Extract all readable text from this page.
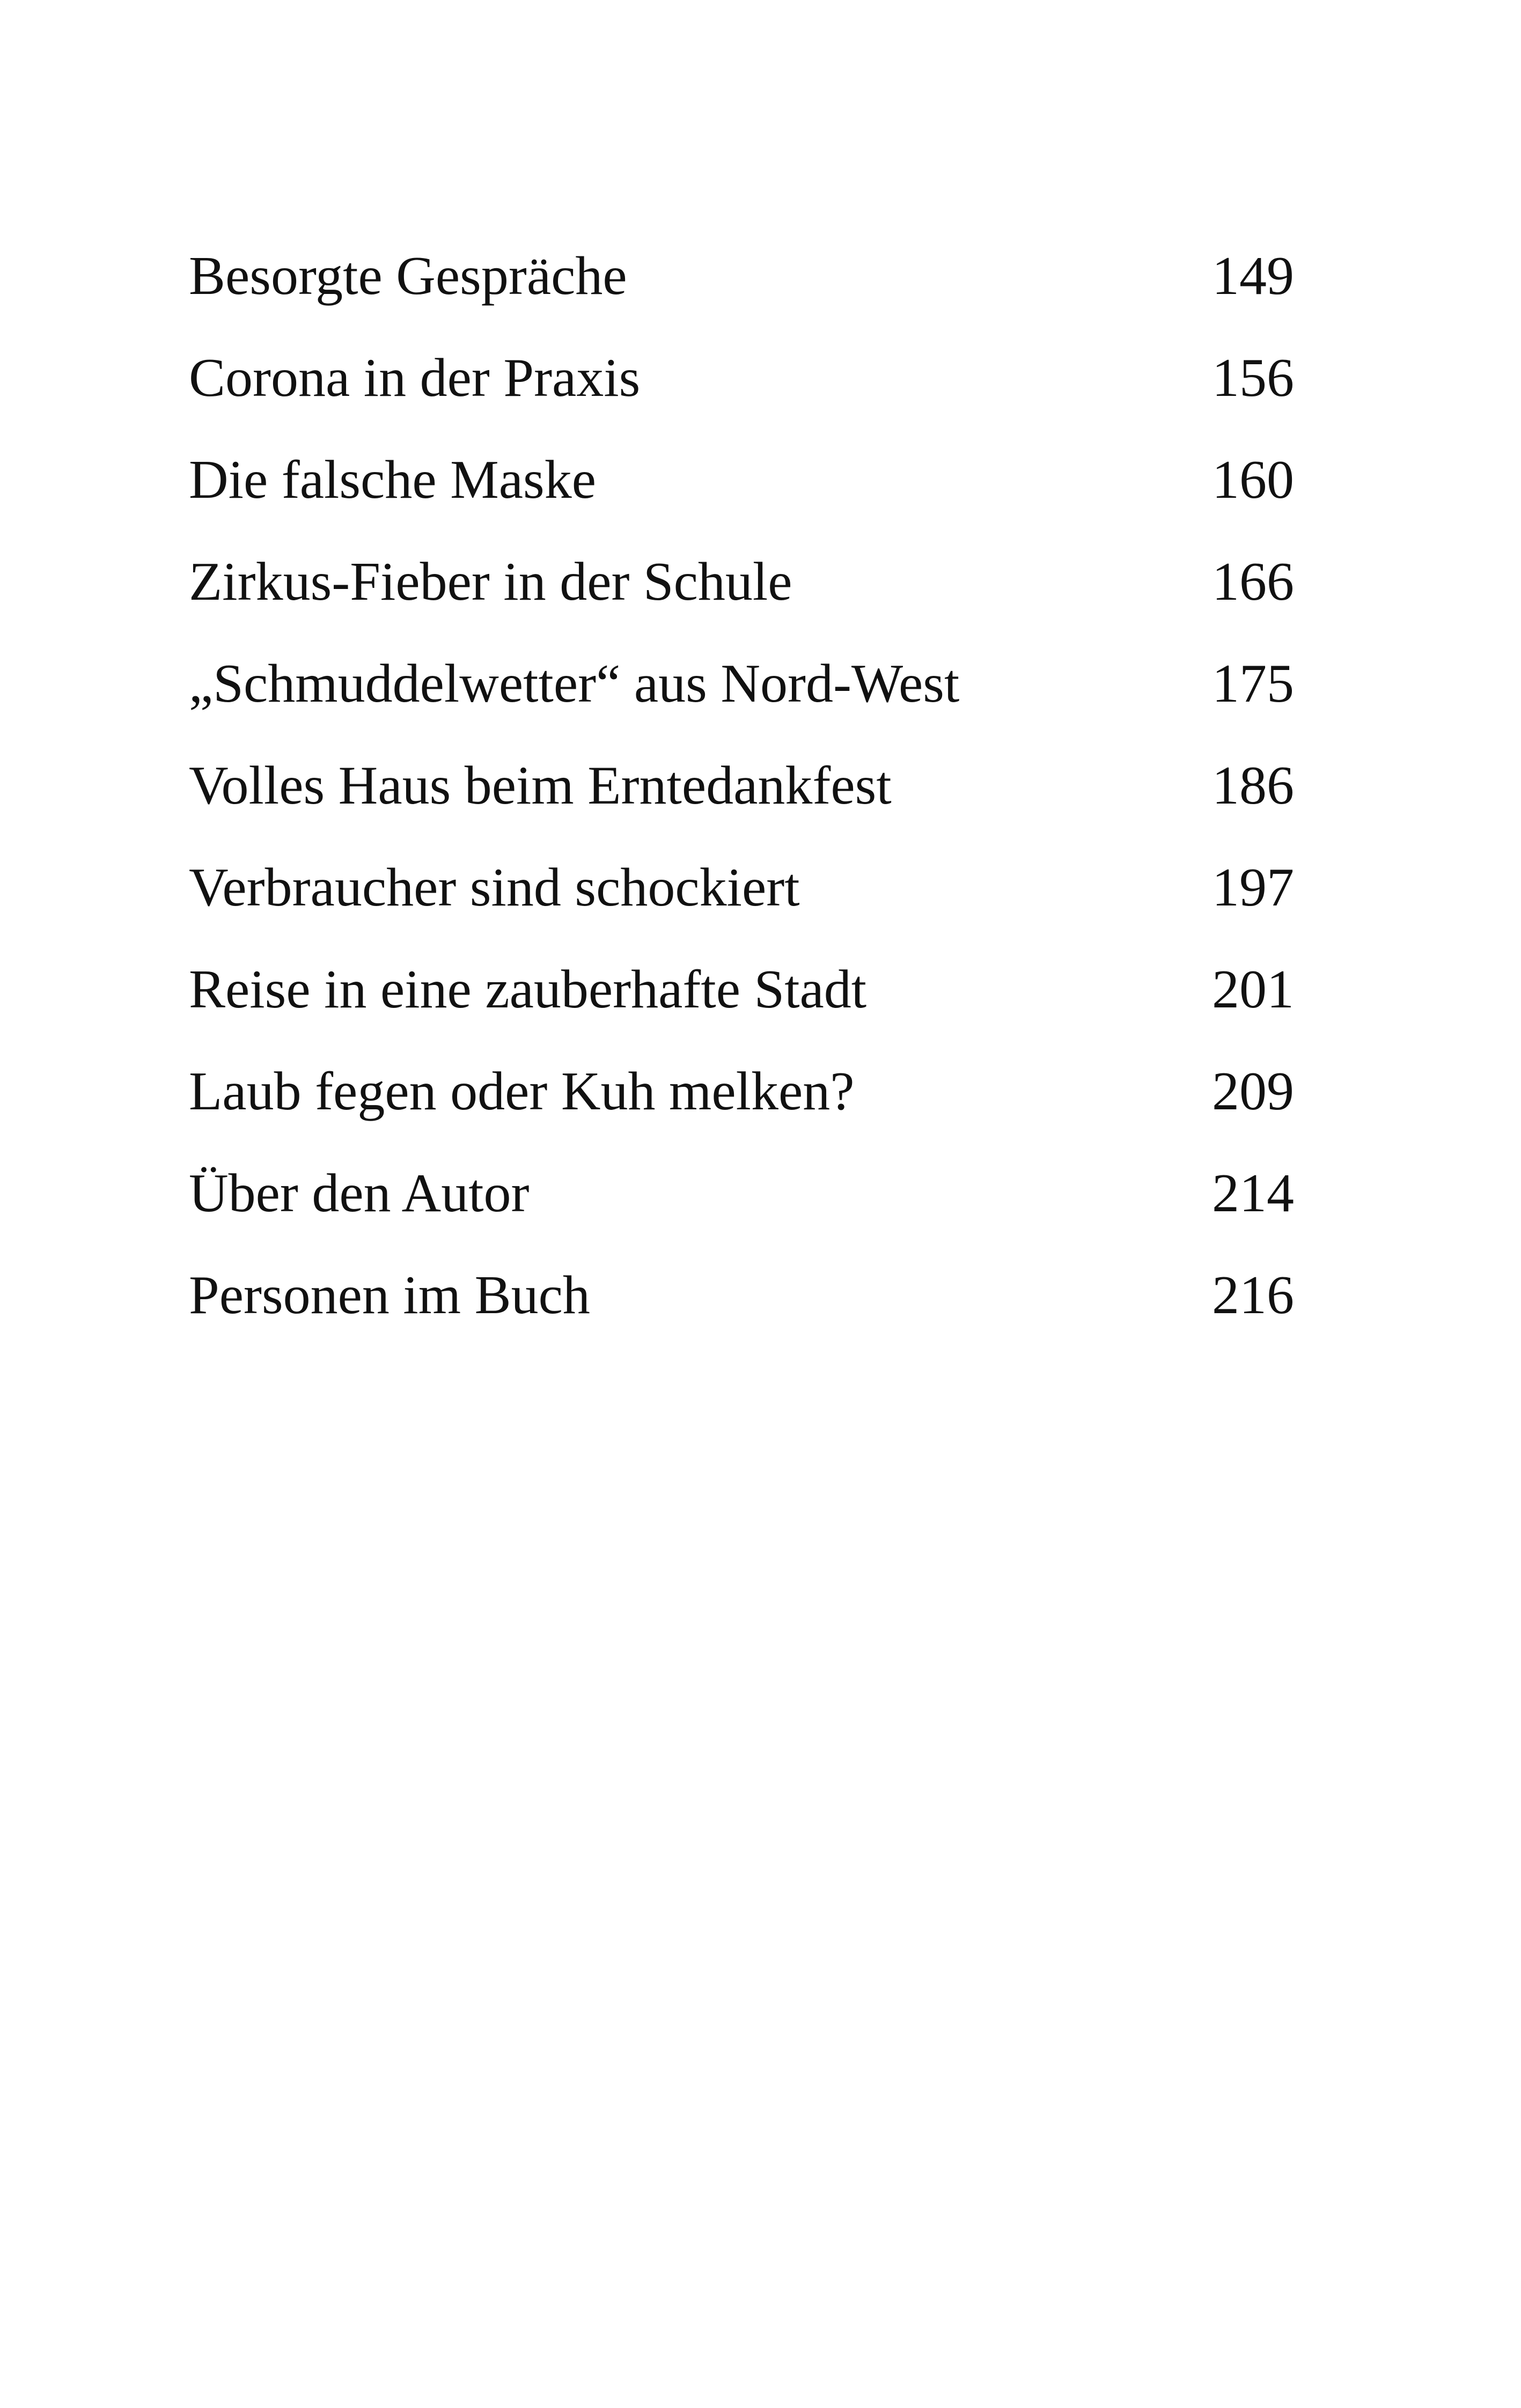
Besorgte Gespräche	149
Corona in der Praxis	156
Die falsche Maske	160
Zirkus-Fieber in der Schule	166
„Schmuddelwetter“ aus Nord-West	175
Volles Haus beim Erntedankfest	186
Verbraucher sind schockiert	197
Reise in eine zauberhafte Stadt	201
Laub fegen oder Kuh melken?	209
Über den Autor	214
Personen im Buch	216
